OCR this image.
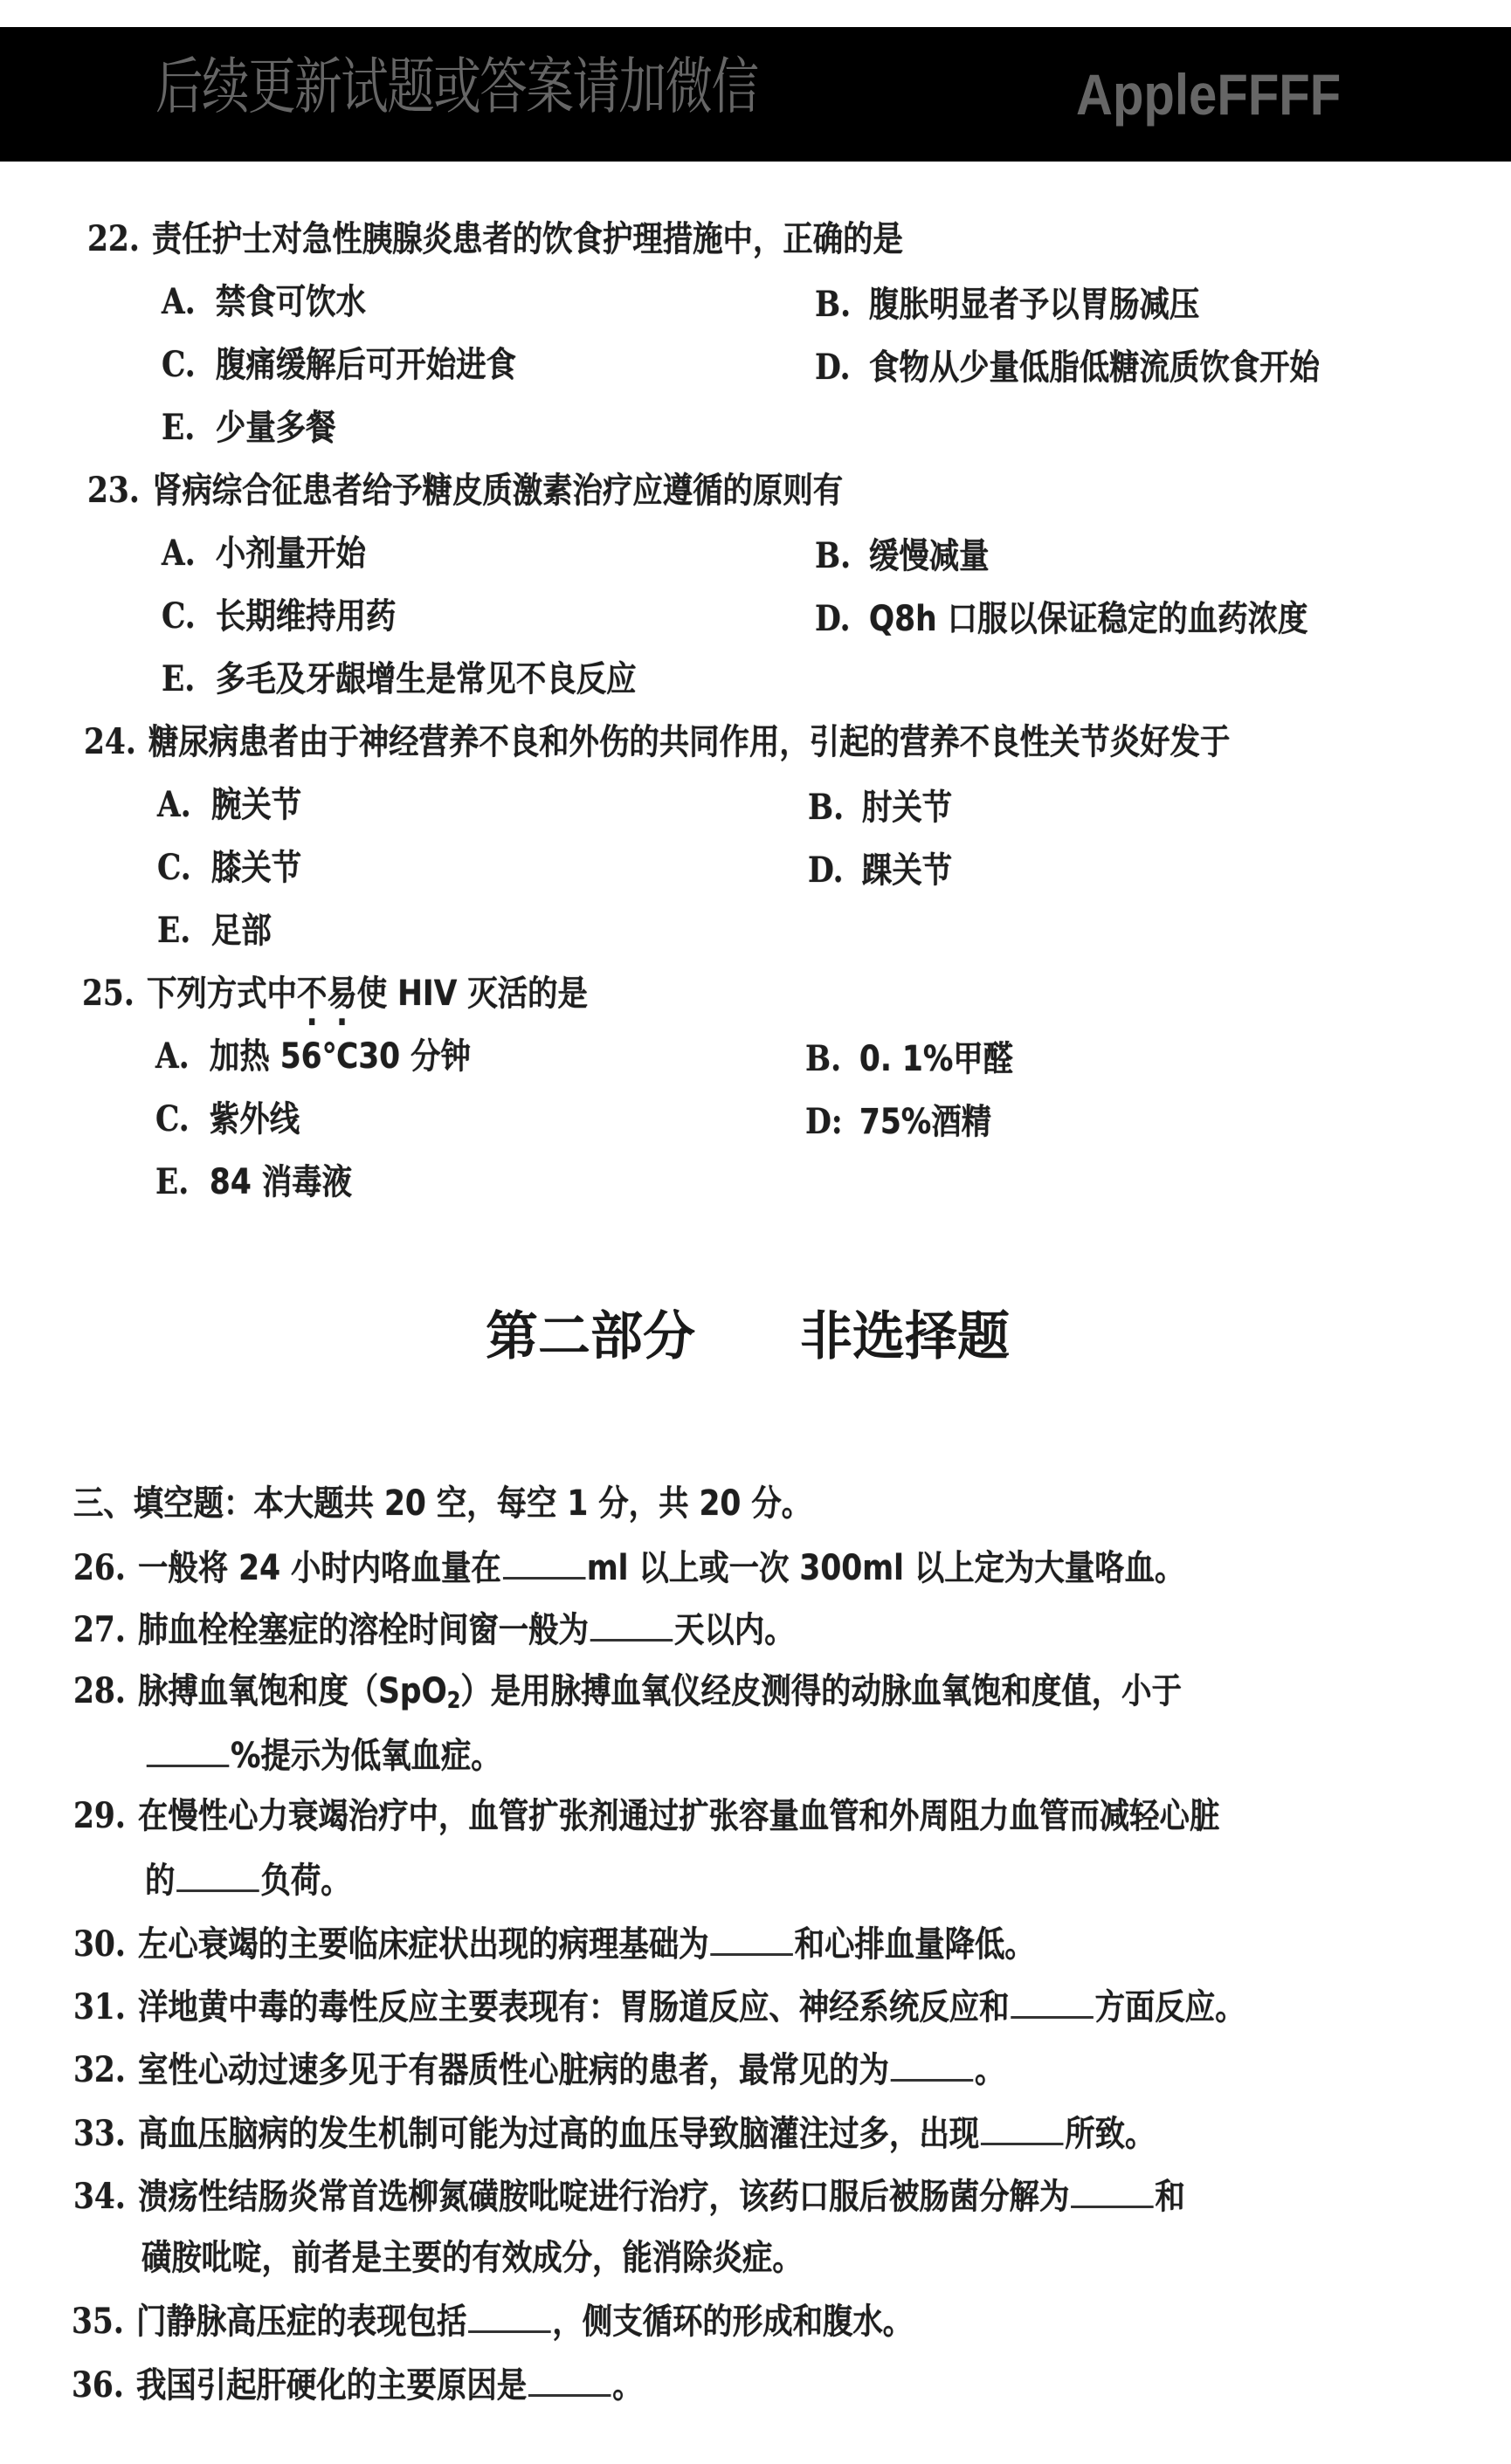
后续更新试题或答案请加微信	AppleFFFF
22. 责任护士对急性胰腺炎患者的饮食护理措施中，正确的是
A. 禁食可饮水	B. 腹胀明显者予以胃肠减压
C. 腹痛缓解后可开始进食	D. 食物从少量低脂低糖流质饮食开始
E. 少量多餐
23. 肾病综合征患者给予糖皮质激素治疗应遵循的原则有
A. 小剂量开始	B. 缓慢减量
C. 长期维持用药	D. Q8h 口服以保证稳定的血药浓度
E. 多毛及牙龈增生是常见不良反应
24. 糖尿病患者由于神经营养不良和外伤的共同作用，引起的营养不良性关节炎好发于
A. 腕关节	B. 肘关节
C. 膝关节	D. 踝关节
E. 足部
25. 下列方式中不易使 HIV 灭活的是
A. 加热 56℃30 分钟	B. 0. 1%甲醛
C. 紫外线	D: 75%酒精
E. 84 消毒液
第二部分 非选择题
三、填空题：本大题共 20 空，每空 1 分，共 20 分。
26. 一般将 24 小时内咯血量在 ml 以上或一次 300ml 以上定为大量咯血。
27. 肺血栓栓塞症的溶栓时间窗一般为 天以内。
28. 脉搏血氧饱和度（SpO$_2$）是用脉搏血氧仪经皮测得的动脉血氧饱和度值，小于
%提示为低氧血症。
29. 在慢性心力衰竭治疗中，血管扩张剂通过扩张容量血管和外周阻力血管而减轻心脏
的 负荷。
30. 左心衰竭的主要临床症状出现的病理基础为 和心排血量降低。
31. 洋地黄中毒的毒性反应主要表现有：胃肠道反应、神经系统反应和 方面反应。
32. 室性心动过速多见于有器质性心脏病的患者，最常见的为 。
33. 高血压脑病的发生机制可能为过高的血压导致脑灌注过多，出现 所致。
34. 溃疡性结肠炎常首选柳氮磺胺吡啶进行治疗，该药口服后被肠菌分解为 和
磺胺吡啶，前者是主要的有效成分，能消除炎症。
35. 门静脉高压症的表现包括 ，侧支循环的形成和腹水。
36. 我国引起肝硬化的主要原因是 。
